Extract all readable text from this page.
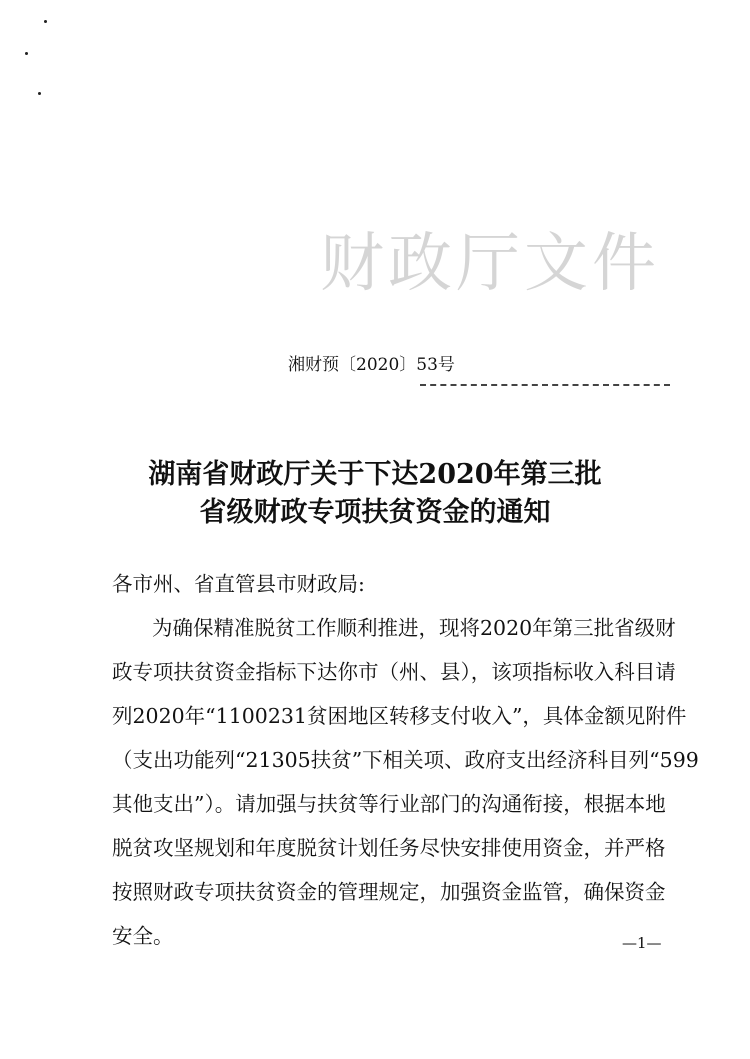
财政厅文件
湘财预〔2020〕53号
湖南省财政厅关于下达2020年第三批
省级财政专项扶贫资金的通知
各市州、省直管县市财政局:
为确保精准脱贫工作顺利推进，现将2020年第三批省级财
政专项扶贫资金指标下达你市（州、县），该项指标收入科目请
列2020年“1100231贫困地区转移支付收入”，具体金额见附件
（支出功能列“21305扶贫”下相关项、政府支出经济科目列“599
其他支出”）。请加强与扶贫等行业部门的沟通衔接，根据本地
脱贫攻坚规划和年度脱贫计划任务尽快安排使用资金，并严格
按照财政专项扶贫资金的管理规定，加强资金监管，确保资金
安全。	—1—
